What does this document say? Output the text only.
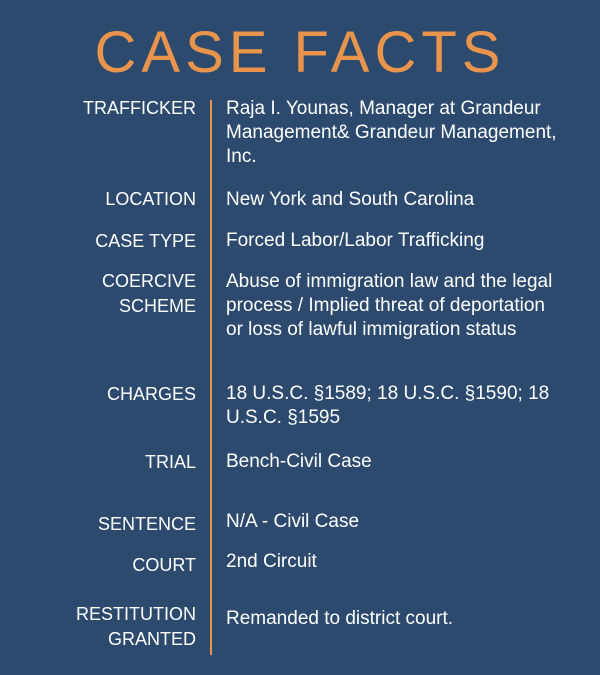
CASE FACTS
TRAFFICKER Raja I. Younas, Manager at Grandeur Management& Grandeur Management, Inc.
LOCATION New York and South Carolina
CASE TYPE Forced Labor/Labor Trafficking
COERCIVE
SCHEME
Abuse of immigration law and the legal process / Implied threat of deportation or loss of lawful immigration status
CHARGES 18 U.S.C. §1589; 18 U.S.C. §1590; 18 U.S.C. §1595
TRIAL Bench-Civil Case
SENTENCE N/A - Civil Case
COURT 2nd Circuit
RESTITUTION
GRANTED
Remanded to district court.
